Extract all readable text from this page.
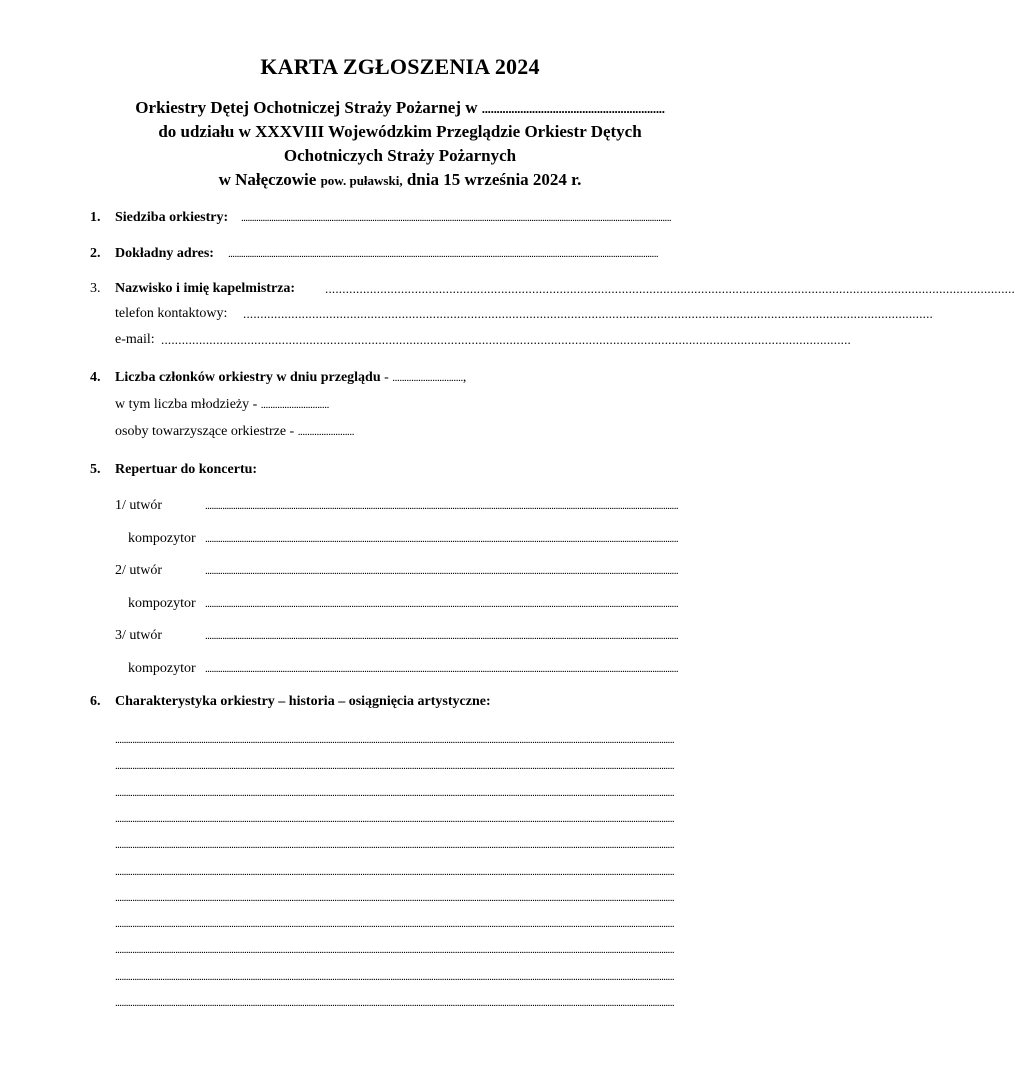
KARTA ZGŁOSZENIA 2024
Orkiestry Dętej Ochotniczej Straży Pożarnej w ..............................................................
do udziału w XXXVIII Wojewódzkim Przeglądzie Orkiestr Dętych
Ochotniczych Straży Pożarnych
w Nałęczowie pow. puławski, dnia 15 września 2024 r.
1. Siedziba orkiestry: ........................................................................................................................................................................................................
2. Dokładny adres: ........................................................................................................................................................................................................
3. Nazwisko i imię kapelmistrza: ........................................................................................................................................................................................................
telefon kontaktowy: ........................................................................................................................................................................................................
e-mail: ........................................................................................................................................................................................................
4. Liczba członków orkiestry w dniu przeglądu - ..............................,
w tym liczba młodzieży - .............................
osoby towarzyszące orkiestrze - ........................
5. Repertuar do koncertu:
1/ utwór	............................................................................................................................................................................................................................
kompozytor ............................................................................................................................................................................................................................
2/ utwór	............................................................................................................................................................................................................................
kompozytor ............................................................................................................................................................................................................................
3/ utwór	............................................................................................................................................................................................................................
kompozytor ............................................................................................................................................................................................................................
6. Charakterystyka orkiestry – historia – osiągnięcia artystyczne:
....................................................................................................................................................................................................................................................................
....................................................................................................................................................................................................................................................................
....................................................................................................................................................................................................................................................................
....................................................................................................................................................................................................................................................................
....................................................................................................................................................................................................................................................................
....................................................................................................................................................................................................................................................................
....................................................................................................................................................................................................................................................................
....................................................................................................................................................................................................................................................................
....................................................................................................................................................................................................................................................................
....................................................................................................................................................................................................................................................................
....................................................................................................................................................................................................................................................................
